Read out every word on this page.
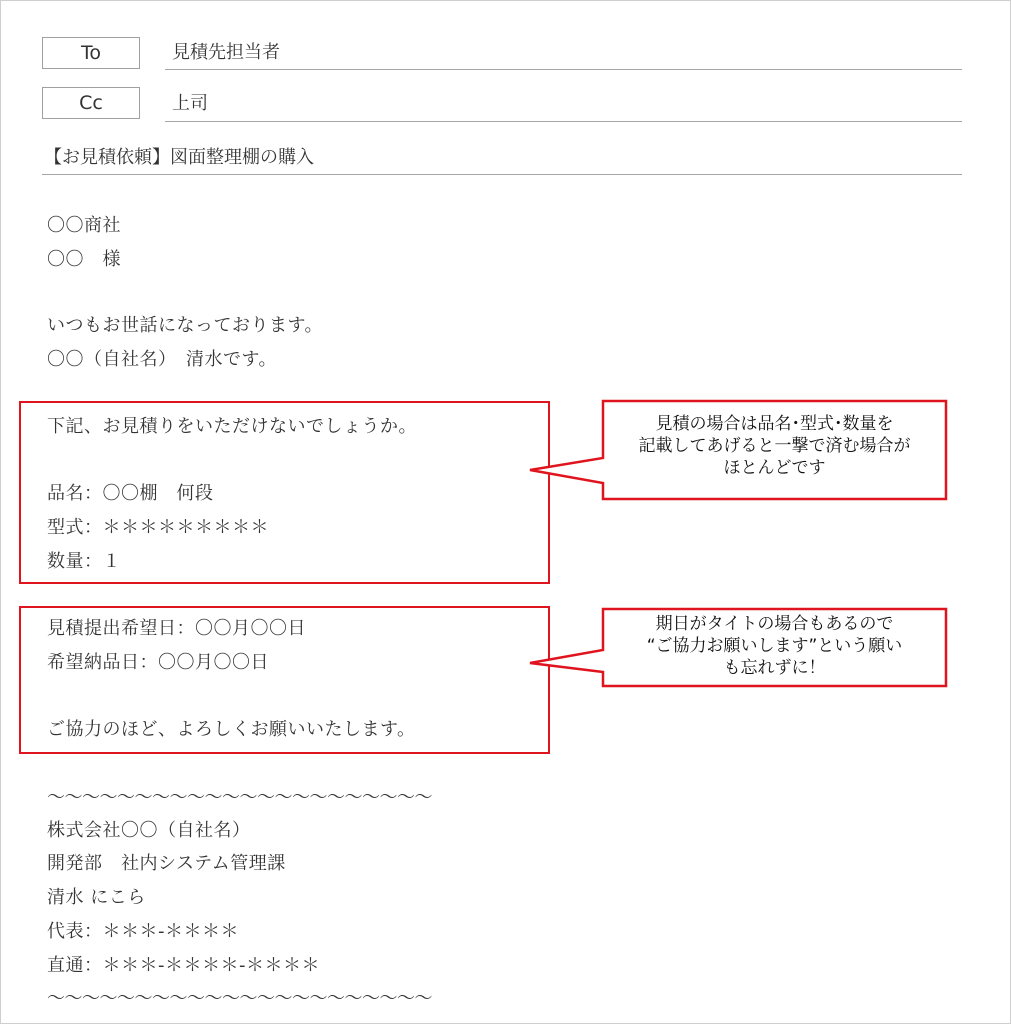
To	見積先担当者
Cc	上司
【お見積依頼】図面整理棚の購入
〇〇商社
〇〇　様
いつもお世話になっております。
〇〇（自社名）　清水です。
下記、お見積りをいただけないでしょうか。
品名：〇〇棚　何段
型式：＊＊＊＊＊＊＊＊＊
数量：１
見積提出希望日：〇〇月〇〇日
希望納品日：〇〇月〇〇日
ご協力のほど、よろしくお願いいたします。
〜〜〜〜〜〜〜〜〜〜〜〜〜〜〜〜〜〜〜〜〜〜
株式会社〇〇（自社名）
開発部　社内システム管理課
清水 にこら
代表：＊＊＊-＊＊＊＊
直通：＊＊＊-＊＊＊＊-＊＊＊＊
〜〜〜〜〜〜〜〜〜〜〜〜〜〜〜〜〜〜〜〜〜〜
見積の場合は品名･型式･数量を
記載してあげると一撃で済む場合が
ほとんどです
期日がタイトの場合もあるので
“ご協力お願いします”という願い
も忘れずに！
